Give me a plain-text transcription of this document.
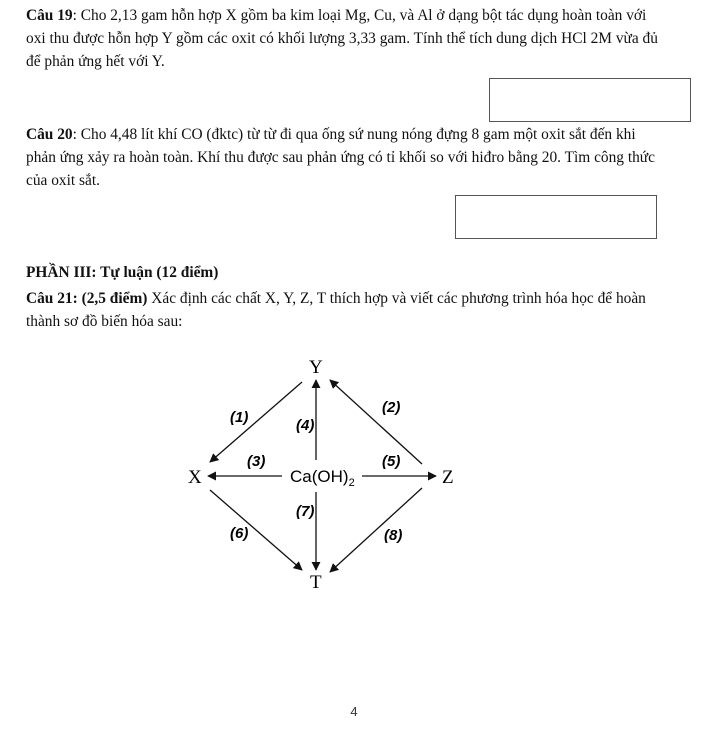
Câu 19: Cho 2,13 gam hỗn hợp X gồm ba kim loại Mg, Cu, và Al ở dạng bột tác dụng hoàn toàn với oxi thu được hỗn hợp Y gồm các oxit có khối lượng 3,33 gam. Tính thể tích dung dịch HCl 2M vừa đủ để phản ứng hết với Y.
Câu 20: Cho 4,48 lít khí CO (đktc) từ từ đi qua ống sứ nung nóng đựng 8 gam một oxit sắt đến khi phản ứng xảy ra hoàn toàn. Khí thu được sau phản ứng có tỉ khối so với hiđro bằng 20. Tìm công thức của oxit sắt.
PHẦN III: Tự luận (12 điểm)
Câu 21: (2,5 điểm) Xác định các chất X, Y, Z, T thích hợp và viết các phương trình hóa học để hoàn thành sơ đồ biến hóa sau:
Y
X	Z
T
$Ca(OH)_2$
(1)
(2)
(3)
(4)
(5)
(6)
(7)
(8)
4
